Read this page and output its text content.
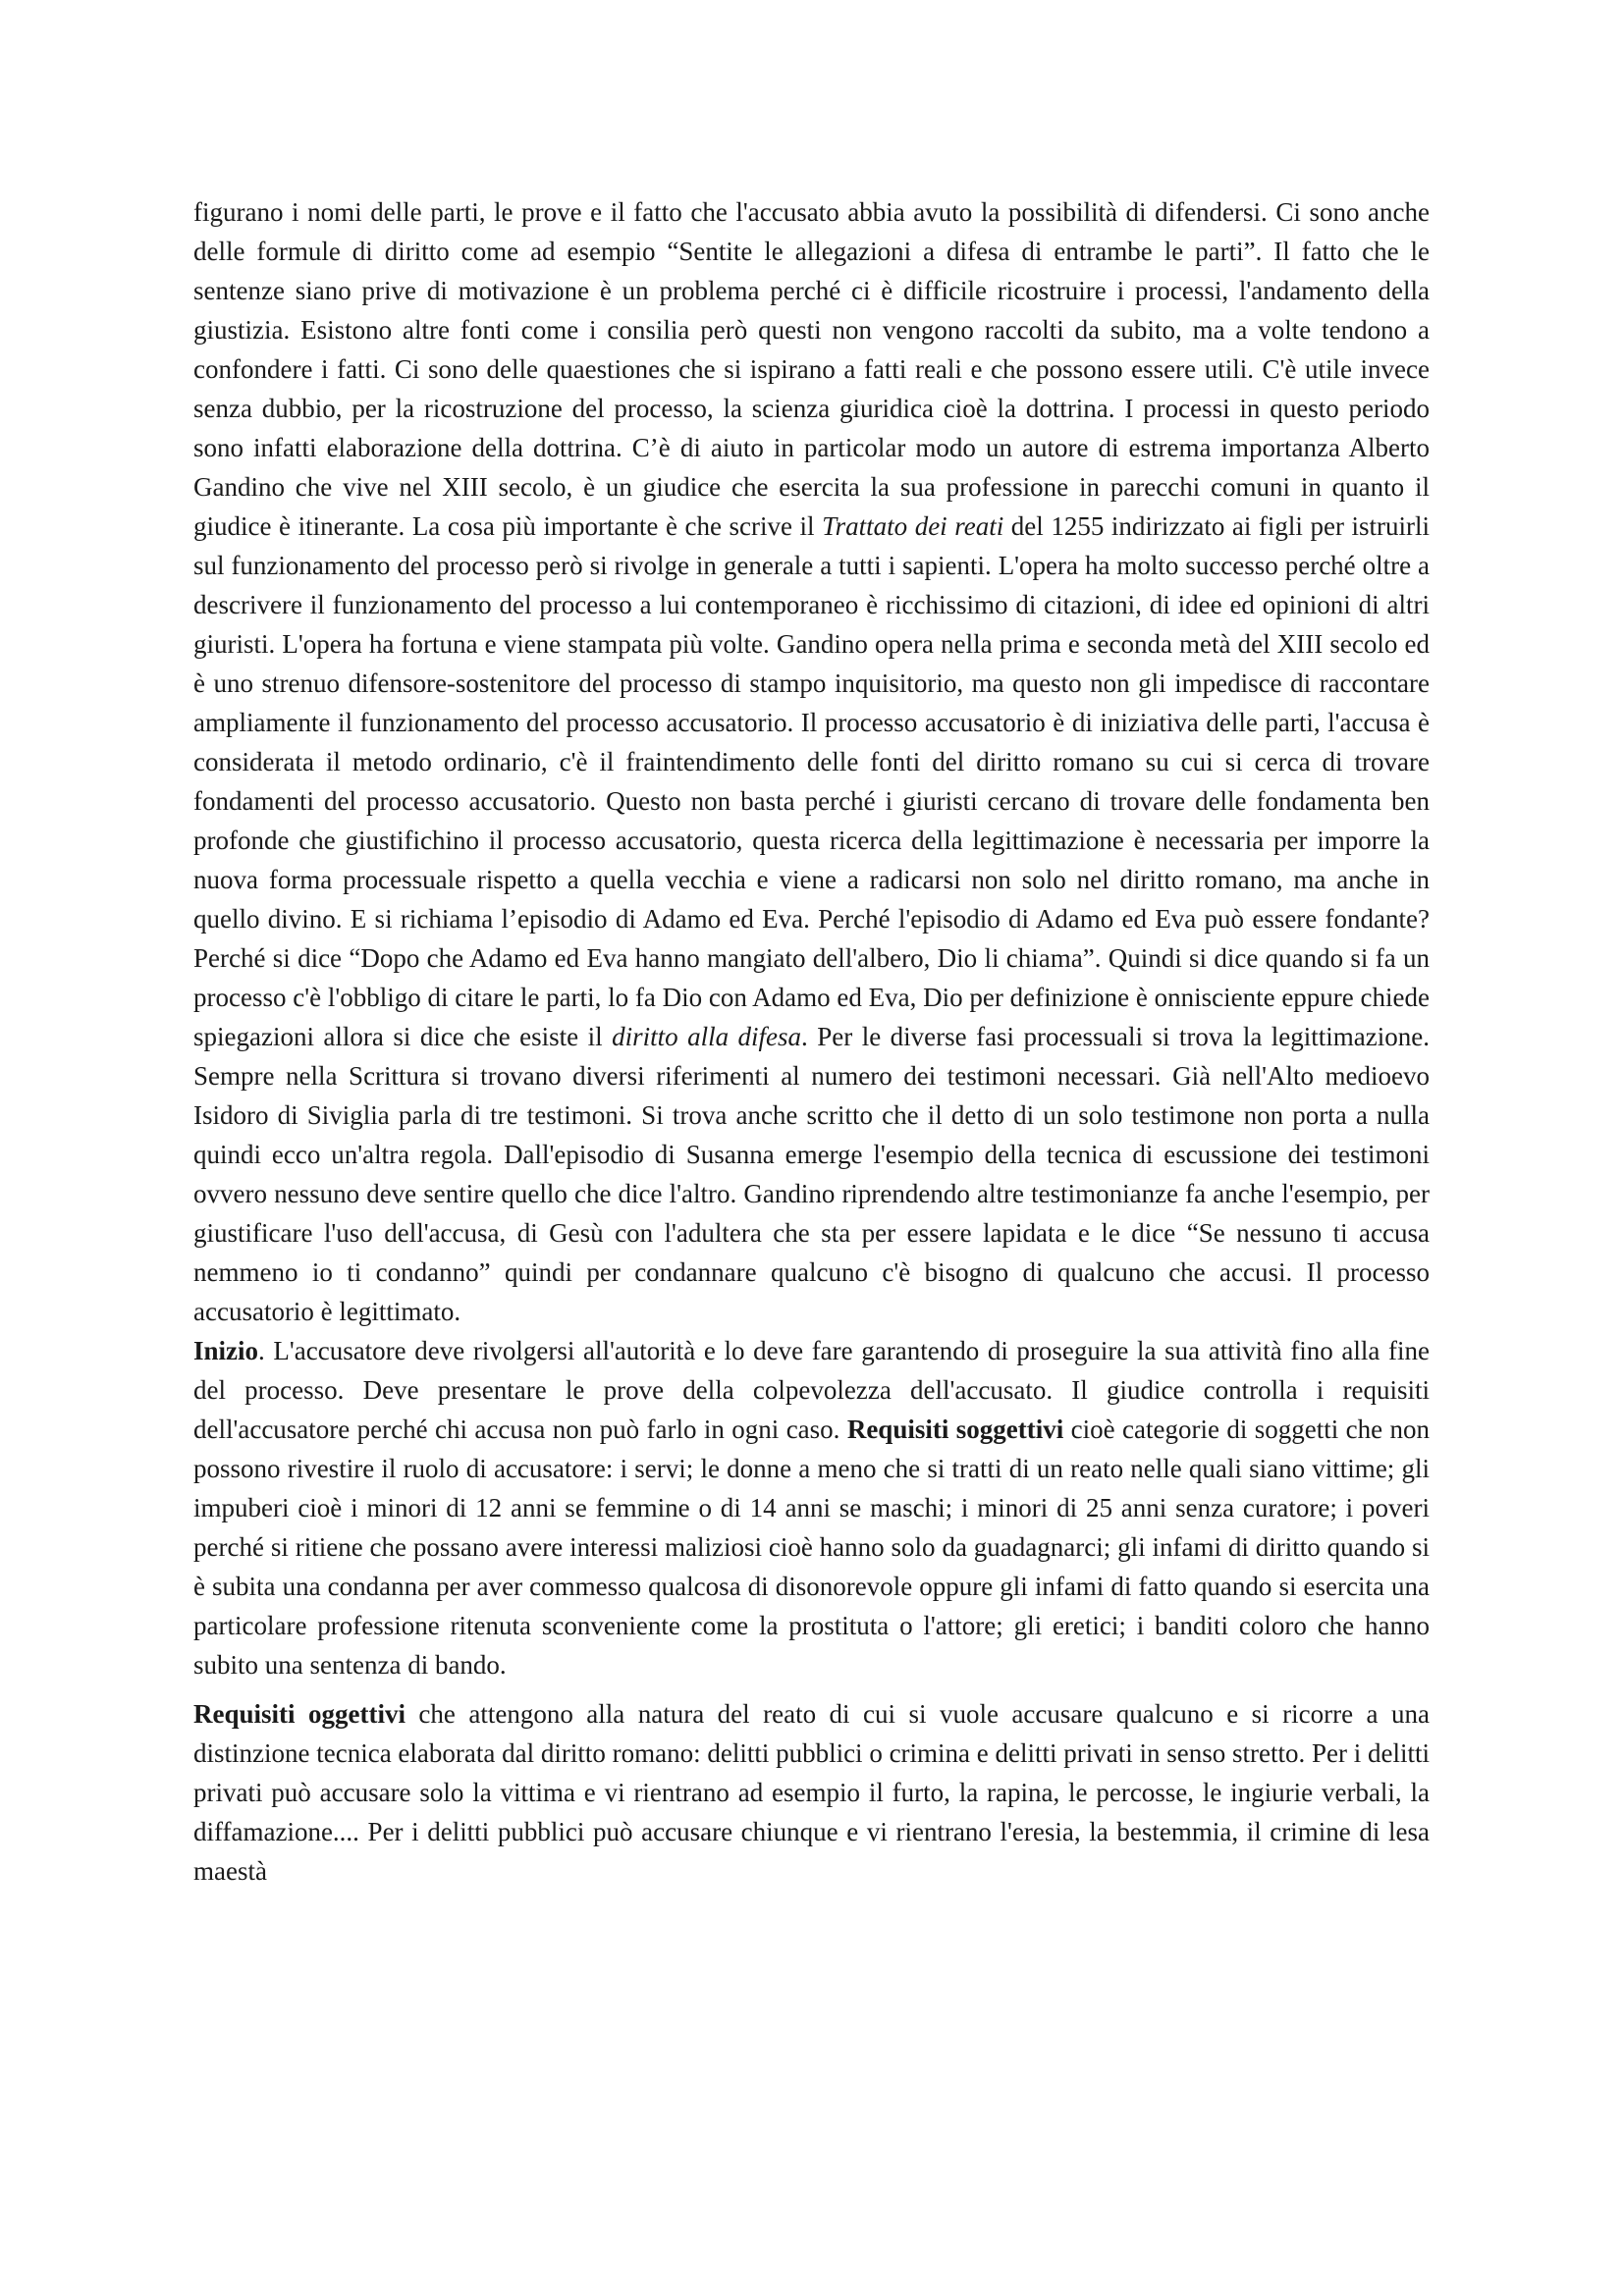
figurano i nomi delle parti, le prove e il fatto che l'accusato abbia avuto la possibilità di difendersi. Ci sono anche delle formule di diritto come ad esempio “Sentite le allegazioni a difesa di entrambe le parti”. Il fatto che le sentenze siano prive di motivazione è un problema perché ci è difficile ricostruire i processi, l'andamento della giustizia. Esistono altre fonti come i consilia però questi non vengono raccolti da subito, ma a volte tendono a confondere i fatti. Ci sono delle quaestiones che si ispirano a fatti reali e che possono essere utili. C'è utile invece senza dubbio, per la ricostruzione del processo, la scienza giuridica cioè la dottrina. I processi in questo periodo sono infatti elaborazione della dottrina. C’è di aiuto in particolar modo un autore di estrema importanza Alberto Gandino che vive nel XIII secolo, è un giudice che esercita la sua professione in parecchi comuni in quanto il giudice è itinerante. La cosa più importante è che scrive il Trattato dei reati del 1255 indirizzato ai figli per istruirli sul funzionamento del processo però si rivolge in generale a tutti i sapienti. L'opera ha molto successo perché oltre a descrivere il funzionamento del processo a lui contemporaneo è ricchissimo di citazioni, di idee ed opinioni di altri giuristi. L'opera ha fortuna e viene stampata più volte. Gandino opera nella prima e seconda metà del XIII secolo ed è uno strenuo difensore-sostenitore del processo di stampo inquisitorio, ma questo non gli impedisce di raccontare ampliamente il funzionamento del processo accusatorio. Il processo accusatorio è di iniziativa delle parti, l'accusa è considerata il metodo ordinario, c'è il fraintendimento delle fonti del diritto romano su cui si cerca di trovare fondamenti del processo accusatorio. Questo non basta perché i giuristi cercano di trovare delle fondamenta ben profonde che giustifichino il processo accusatorio, questa ricerca della legittimazione è necessaria per imporre la nuova forma processuale rispetto a quella vecchia e viene a radicarsi non solo nel diritto romano, ma anche in quello divino. E si richiama l’episodio di Adamo ed Eva. Perché l'episodio di Adamo ed Eva può essere fondante? Perché si dice “Dopo che Adamo ed Eva hanno mangiato dell'albero, Dio li chiama”. Quindi si dice quando si fa un processo c'è l'obbligo di citare le parti, lo fa Dio con Adamo ed Eva, Dio per definizione è onnisciente eppure chiede spiegazioni allora si dice che esiste il diritto alla difesa. Per le diverse fasi processuali si trova la legittimazione. Sempre nella Scrittura si trovano diversi riferimenti al numero dei testimoni necessari. Già nell'Alto medioevo Isidoro di Siviglia parla di tre testimoni. Si trova anche scritto che il detto di un solo testimone non porta a nulla quindi ecco un'altra regola. Dall'episodio di Susanna emerge l'esempio della tecnica di escussione dei testimoni ovvero nessuno deve sentire quello che dice l'altro. Gandino riprendendo altre testimonianze fa anche l'esempio, per giustificare l'uso dell'accusa, di Gesù con l'adultera che sta per essere lapidata e le dice “Se nessuno ti accusa nemmeno io ti condanno” quindi per condannare qualcuno c'è bisogno di qualcuno che accusi. Il processo accusatorio è legittimato.

Inizio. L'accusatore deve rivolgersi all'autorità e lo deve fare garantendo di proseguire la sua attività fino alla fine del processo. Deve presentare le prove della colpevolezza dell'accusato. Il giudice controlla i requisiti dell'accusatore perché chi accusa non può farlo in ogni caso. Requisiti soggettivi cioè categorie di soggetti che non possono rivestire il ruolo di accusatore: i servi; le donne a meno che si tratti di un reato nelle quali siano vittime; gli impuberi cioè i minori di 12 anni se femmine o di 14 anni se maschi; i minori di 25 anni senza curatore; i poveri perché si ritiene che possano avere interessi maliziosi cioè hanno solo da guadagnarci; gli infami di diritto quando si è subita una condanna per aver commesso qualcosa di disonorevole oppure gli infami di fatto quando si esercita una particolare professione ritenuta sconveniente come la prostituta o l'attore; gli eretici; i banditi coloro che hanno subito una sentenza di bando.

Requisiti oggettivi che attengono alla natura del reato di cui si vuole accusare qualcuno e si ricorre a una distinzione tecnica elaborata dal diritto romano: delitti pubblici o crimina e delitti privati in senso stretto. Per i delitti privati può accusare solo la vittima e vi rientrano ad esempio il furto, la rapina, le percosse, le ingiurie verbali, la diffamazione.... Per i delitti pubblici può accusare chiunque e vi rientrano l'eresia, la bestemmia, il crimine di lesa maestà
